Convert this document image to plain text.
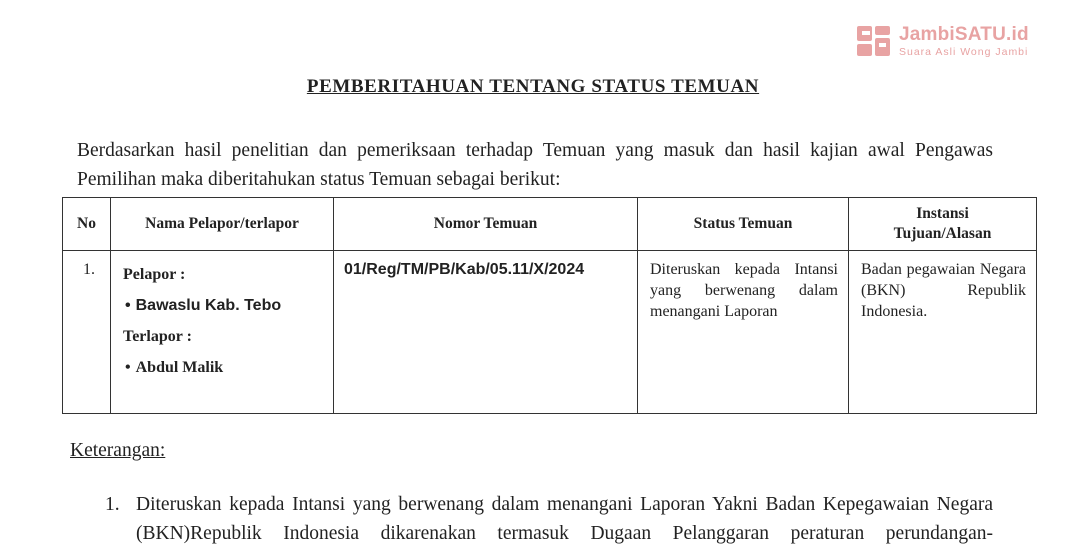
JambiSATU.id
Suara Asli Wong Jambi
PEMBERITAHUAN TENTANG STATUS TEMUAN
Berdasarkan hasil penelitian dan pemeriksaan terhadap Temuan yang masuk dan hasil kajian awal Pengawas Pemilihan maka diberitahukan status Temuan sebagai berikut:
No	Nama Pelapor/terlapor	Nomor Temuan	Status Temuan	Instansi
Tujuan/Alasan

1.	Pelapor :
• Bawaslu Kab. Tebo
Terlapor :
• Abdul Malik	01/Reg/TM/PB/Kab/05.11/X/2024	Diteruskan kepada Intansi yang berwenang dalam menangani Laporan	Badan pegawaian Negara (BKN) Republik Indonesia.
Keterangan:
1. Diteruskan kepada Intansi yang berwenang dalam menangani Laporan Yakni Badan Kepegawaian Negara (BKN)Republik Indonesia dikarenakan termasuk Dugaan Pelanggaran peraturan perundangan-
